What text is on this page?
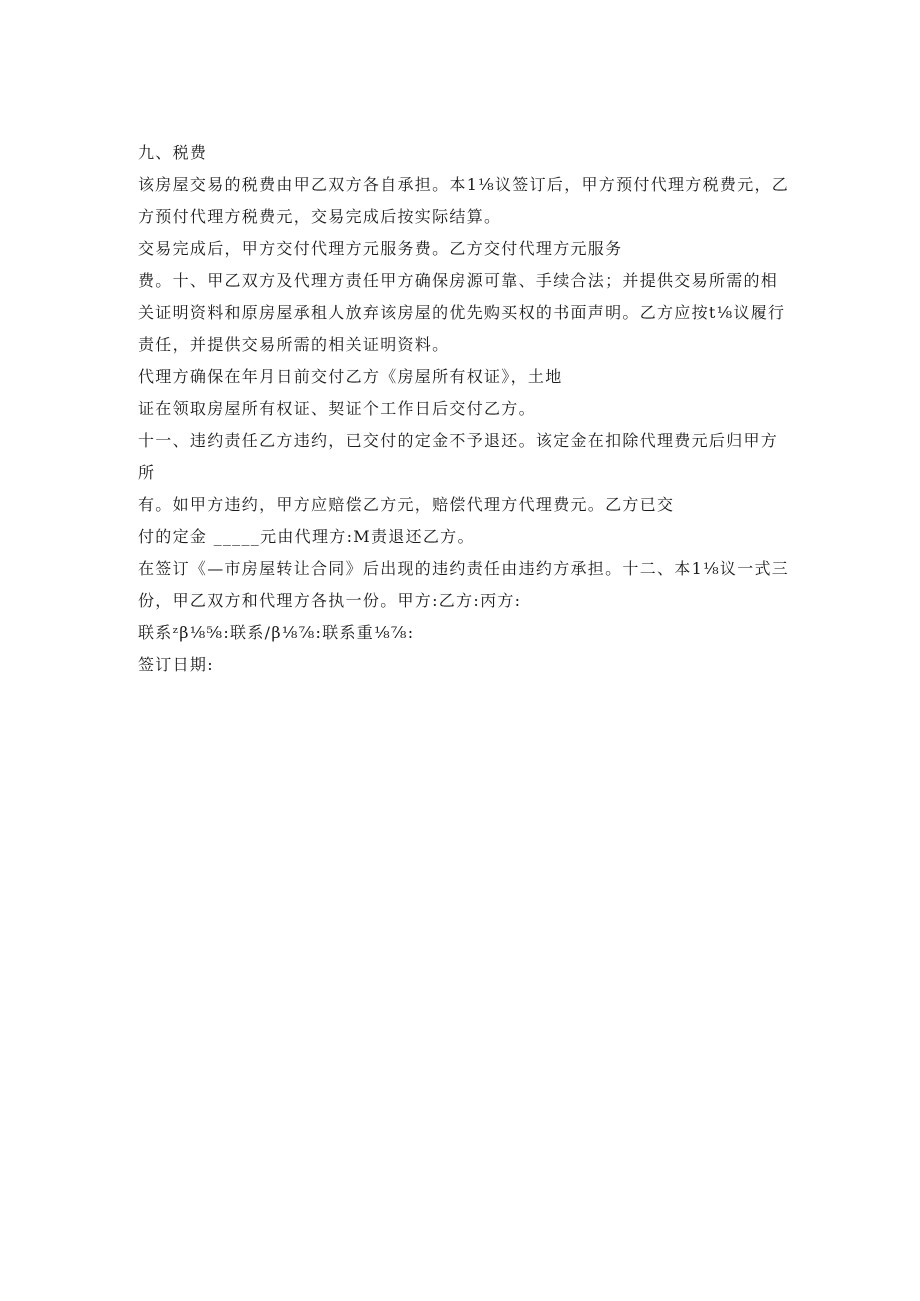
九、税费

该房屋交易的税费由甲乙双方各自承担。本1⅛议签订后，甲方预付代理方税费元，乙

方预付代理方税费元，交易完成后按实际结算。

交易完成后，甲方交付代理方元服务费。乙方交付代理方元服务

费。十、甲乙双方及代理方责任甲方确保房源可靠、手续合法；并提供交易所需的相

关证明资料和原房屋承租人放弃该房屋的优先购买权的书面声明。乙方应按t⅛议履行

责任，并提供交易所需的相关证明资料。

代理方确保在年月日前交付乙方《房屋所有权证》，土地

证在领取房屋所有权证、契证个工作日后交付乙方。

十一、违约责任乙方违约，已交付的定金不予退还。该定金在扣除代理费元后归甲方

所

有。如甲方违约，甲方应赔偿乙方元，赔偿代理方代理费元。乙方已交

付的定金 _____元由代理方:M责退还乙方。

在签订《—市房屋转让合同》后出现的违约责任由违约方承担。十二、本1⅛议一式三

份，甲乙双方和代理方各执一份。甲方:乙方:丙方:

联系ᶻβ⅛⅝:联系/β⅛⅞:联系重⅛⅞:

签订日期:
